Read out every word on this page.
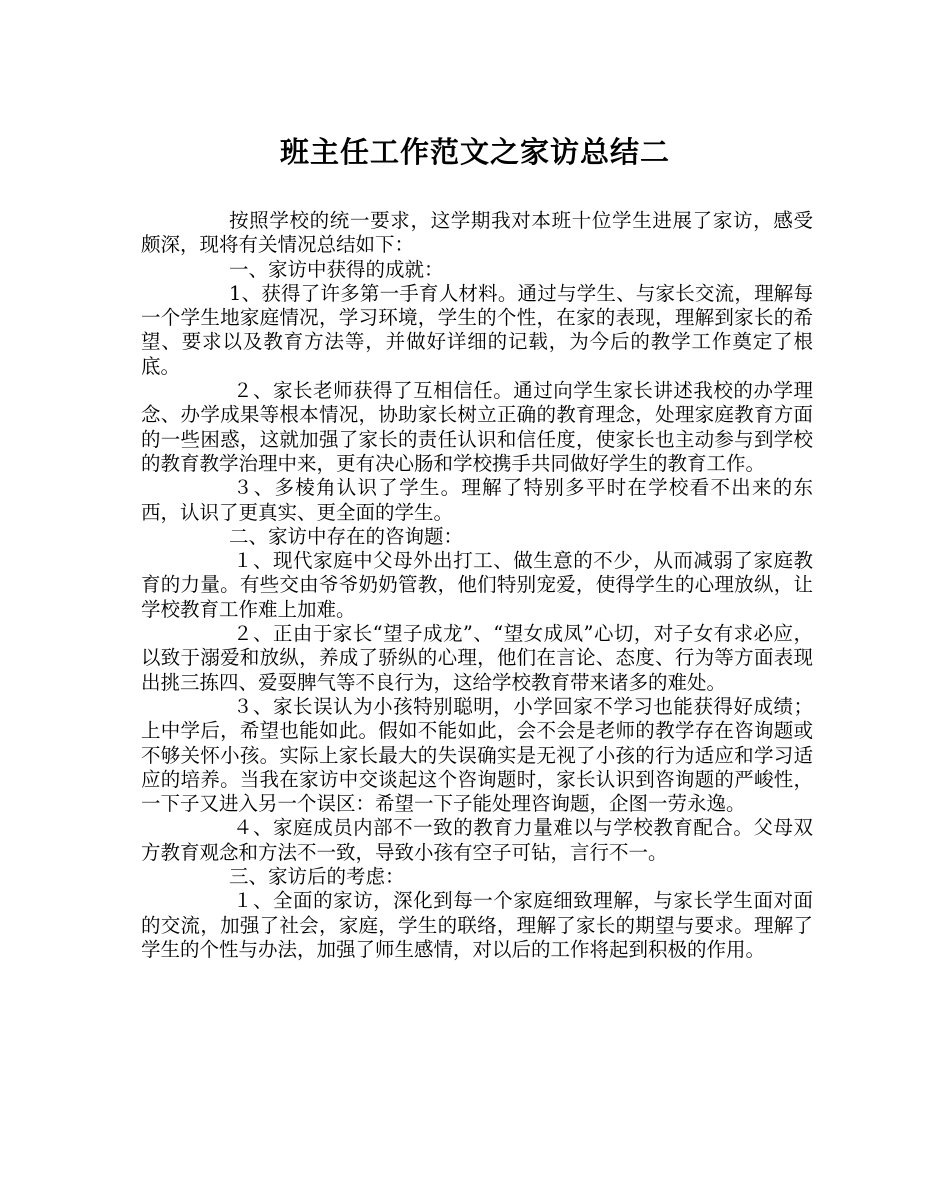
班主任工作范文之家访总结二

按照学校的统一要求，这学期我对本班十位学生进展了家访，感受颇深，现将有关情况总结如下：

一、家访中获得的成就：

1、获得了许多第一手育人材料。通过与学生、与家长交流，理解每一个学生地家庭情况，学习环境，学生的个性，在家的表现，理解到家长的希望、要求以及教育方法等，并做好详细的记载，为今后的教学工作奠定了根底。

２、家长老师获得了互相信任。通过向学生家长讲述我校的办学理念、办学成果等根本情况，协助家长树立正确的教育理念，处理家庭教育方面的一些困惑，这就加强了家长的责任认识和信任度，使家长也主动参与到学校的教育教学治理中来，更有决心肠和学校携手共同做好学生的教育工作。

３、多棱角认识了学生。理解了特别多平时在学校看不出来的东西，认识了更真实、更全面的学生。

二、家访中存在的咨询题：

１、现代家庭中父母外出打工、做生意的不少，从而减弱了家庭教育的力量。有些交由爷爷奶奶管教，他们特别宠爱，使得学生的心理放纵，让学校教育工作难上加难。

２、正由于家长“望子成龙”、“望女成凤”心切，对子女有求必应，以致于溺爱和放纵，养成了骄纵的心理，他们在言论、态度、行为等方面表现出挑三拣四、爱耍脾气等不良行为，这给学校教育带来诸多的难处。

３、家长误认为小孩特别聪明，小学回家不学习也能获得好成绩；上中学后，希望也能如此。假如不能如此，会不会是老师的教学存在咨询题或不够关怀小孩。实际上家长最大的失误确实是无视了小孩的行为适应和学习适应的培养。当我在家访中交谈起这个咨询题时，家长认识到咨询题的严峻性，一下子又进入另一个误区：希望一下子能处理咨询题，企图一劳永逸。

４、家庭成员内部不一致的教育力量难以与学校教育配合。父母双方教育观念和方法不一致，导致小孩有空子可钻，言行不一。

三、家访后的考虑：

１、全面的家访，深化到每一个家庭细致理解，与家长学生面对面的交流，加强了社会，家庭，学生的联络，理解了家长的期望与要求。理解了学生的个性与办法，加强了师生感情，对以后的工作将起到积极的作用。
